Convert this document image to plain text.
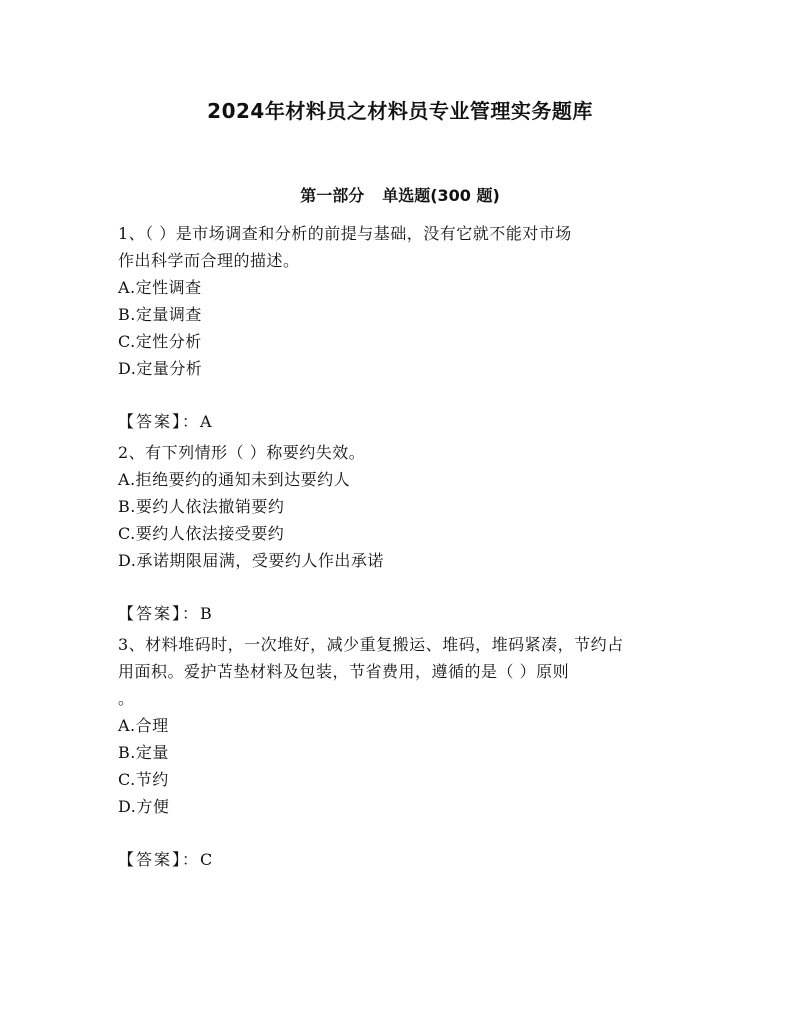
2024年材料员之材料员专业管理实务题库
第一部分 单选题(300 题)

1、（ ）是市场调查和分析的前提与基础，没有它就不能对市场

作出科学而合理的描述。

A.定性调查

B.定量调查

C.定性分析

D.定量分析

【答案】：A

2、有下列情形（ ）称要约失效。

A.拒绝要约的通知未到达要约人

B.要约人依法撤销要约

C.要约人依法接受要约

D.承诺期限届满，受要约人作出承诺

【答案】：B

3、材料堆码时，一次堆好，减少重复搬运、堆码，堆码紧凑，节约占

用面积。爱护苫垫材料及包装，节省费用，遵循的是（ ）原则

。

A.合理

B.定量

C.节约

D.方便

【答案】：C
